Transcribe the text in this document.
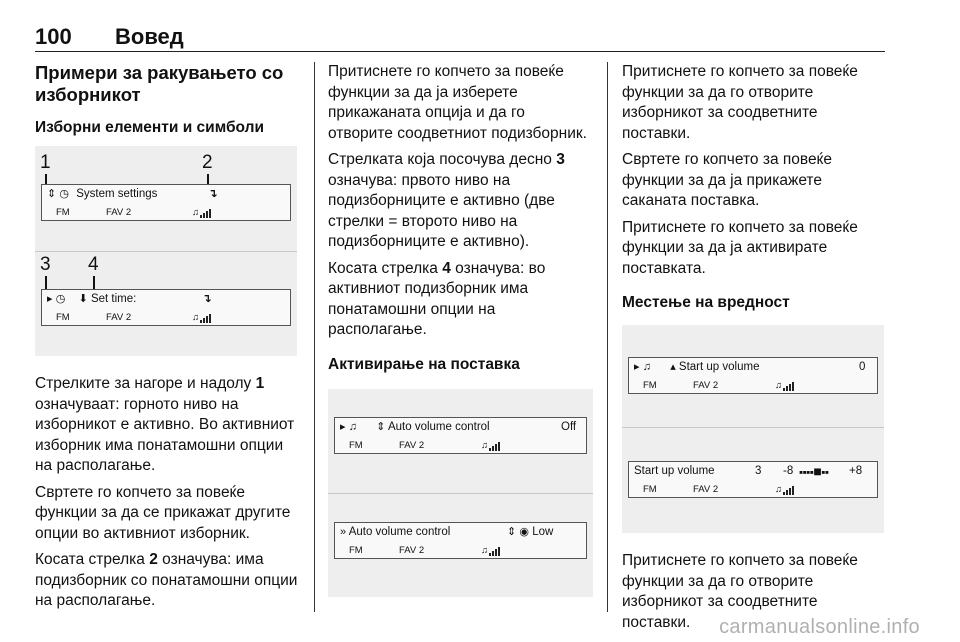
100 Вовед
Примери за ракувањето со изборникот
Изборни елементи и симболи
1	2
⇕ ◷ System settings	↴
FM	FAV 2	♫
3 4
▸ ◷ ⬇ Set time:	↴
FM	FAV 2	♫

Стрелките за нагоре и надолу 1 означуваат: горното ниво на изборникот е активно. Во активниот изборник има понатамошни опции на располагање.

Свртете го копчето за повеќе функции за да се прикажат другите опции во активниот изборник.

Косата стрелка 2 означува: има подизборник со понатамошни опции на располагање.

Притиснете го копчето за повеќе функции за да ја изберете прикажаната опција и да го отворите соодветниот подизборник.

Стрелката која посочува десно 3 означува: првото ниво на подизборниците е активно (две стрелки = второто ниво на подизборниците е активно).

Косата стрелка 4 означува: во активниот подизборник има понатамошни опции на располагање.

Активирање на поставка
▸ ♫ ⇕ Auto volume control	Off
FM	FAV 2	♫
» Auto volume control	⇕ ◉ Low
FM	FAV 2	♫

Притиснете го копчето за повеќе функции за да го отворите изборникот за соодветните поставки.

Свртете го копчето за повеќе функции за да ја прикажете саканата поставка.

Притиснете го копчето за повеќе функции за да ја активирате поставката.

Местење на вредност
▸ ♫ ▴ Start up volume	0
FM	FAV 2	♫
Start up volume	3 -8 ▪▪▪▪■▪▪ +8
FM	FAV 2	♫

Притиснете го копчето за повеќе функции за да го отворите изборникот за соодветните поставки.	carmanualsonline.info
